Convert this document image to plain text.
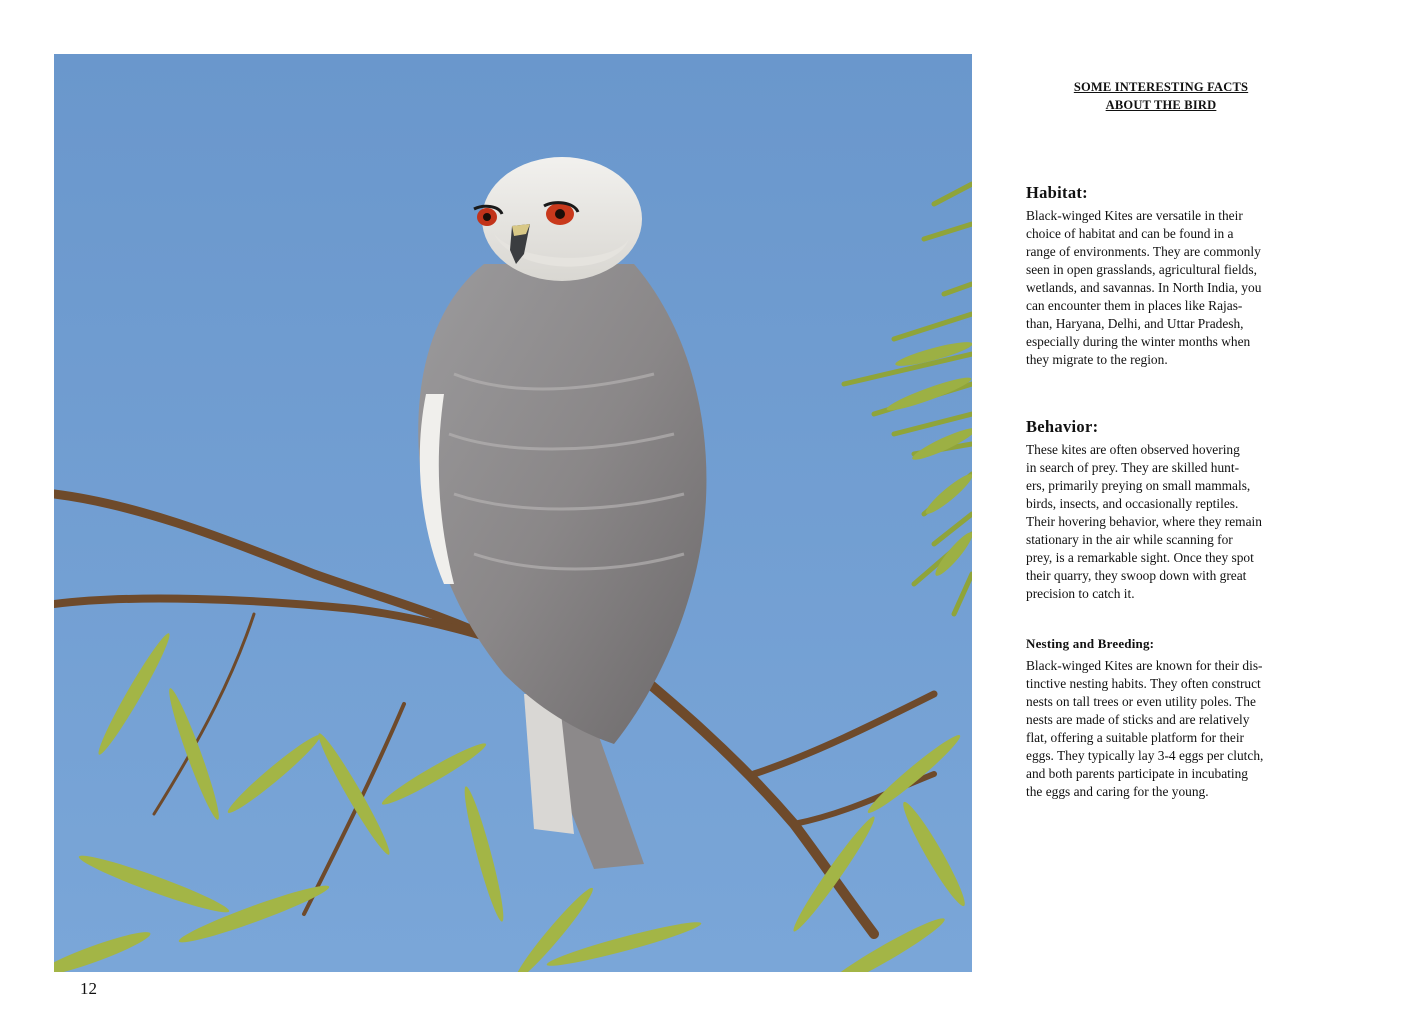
12
SOME INTERESTING FACTS
ABOUT THE BIRD
Habitat:

Black-winged Kites are versatile in their
choice of habitat and can be found in a
range of environments. They are commonly
seen in open grasslands, agricultural fields,
wetlands, and savannas. In North India, you
can encounter them in places like Rajas-
than, Haryana, Delhi, and Uttar Pradesh,
especially during the winter months when
they migrate to the region.

Behavior:

These kites are often observed hovering
in search of prey. They are skilled hunt-
ers, primarily preying on small mammals,
birds, insects, and occasionally reptiles.
Their hovering behavior, where they remain
stationary in the air while scanning for
prey, is a remarkable sight. Once they spot
their quarry, they swoop down with great
precision to catch it.

Nesting and Breeding:

Black-winged Kites are known for their dis-
tinctive nesting habits. They often construct
nests on tall trees or even utility poles. The
nests are made of sticks and are relatively
flat, offering a suitable platform for their
eggs. They typically lay 3-4 eggs per clutch,
and both parents participate in incubating
the eggs and caring for the young.
